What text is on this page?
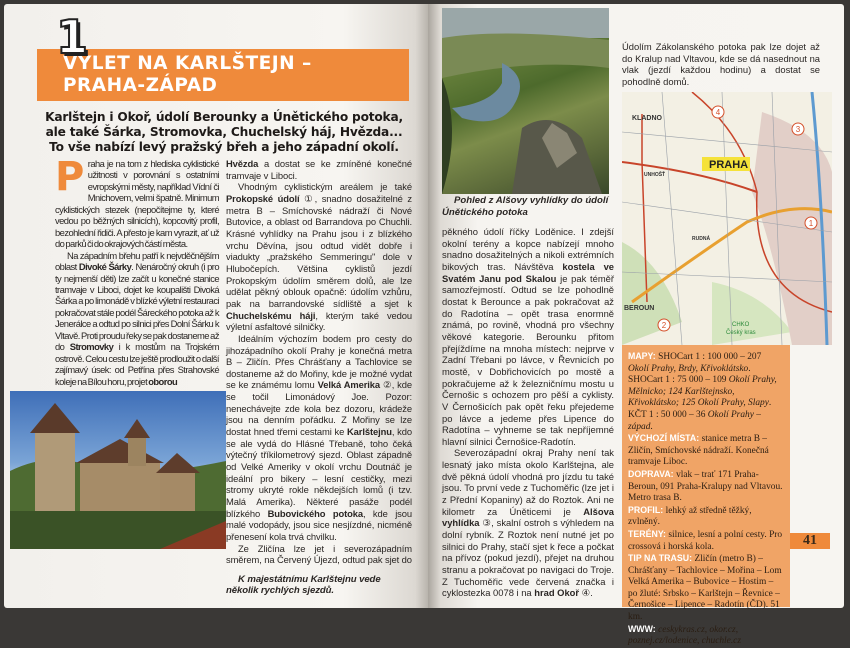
1
VÝLET NA KARLŠTEJN –
PRAHA-ZÁPAD
Karlštejn i Okoř, údolí Berounky a Únětického potoka, ale také Šárka, Stromovka, Chuchelský háj, Hvězda... To vše nabízí levý pražský břeh a jeho západní okolí.

Praha je na tom z hlediska cyklistické užitnosti v porovnání s ostatními evropskými městy, například Vídní či Mnichovem, velmi špatně. Minimum cyklistických stezek (nepočítejme ty, které vedou po běžných silnicích), kopcovitý profil, bezohlední řidiči. A přesto je kam vyrazit, ať už do parků či do okrajových částí města.

Na západním břehu patří k nejvděčnějším oblast Divoké Šárky. Nenáročný okruh (i pro ty nejmenší děti) lze začít u konečné stanice tramvaje v Liboci, dojet ke koupališti Divoká Šárka a po limonádě v blízké výletní restauraci pokračovat stále podél Šáreckého potoka až k Jenerálce a odtud po silnici přes Dolní Šárku k Vltavě. Proti proudu řeky se pak dostaneme až do Stromovky i k mostům na Trojském ostrově. Celou cestu lze ještě prodloužit o další zajímavý úsek: od Petřína přes Strahovské koleje na Bílou horu, projet oborou

Hvězda a dostat se ke zmíněné konečné tramvaje v Liboci.

Vhodným cyklistickým areálem je také Prokopské údolí ①, snadno dosažitelné z metra B – Smíchovské nádraží či Nové Butovice, a oblast od Barrandova po Chuchli. Krásné vyhlídky na Prahu jsou i z blízkého vrchu Děvína, jsou odtud vidět dobře i viadukty „pražského Semmeringu" dole v Hlubočepích. Většina cyklistů jezdí Prokopským údolím směrem dolů, ale lze udělat pěkný oblouk opačně: údolím vzhůru, pak na barrandovské sídliště a sjet k Chuchelskému háji, kterým také vedou výletní asfaltové silničky.

Ideálním výchozím bodem pro cesty do jihozápadního okolí Prahy je konečná metra B – Zličín. Přes Chrášťany a Tachlovice se dostaneme až do Mořiny, kde je možné vydat se ke známému lomu Velká Amerika ②, kde se točil Limonádový Joe. Pozor: nenechávejte zde kola bez dozoru, krádeže jsou na denním pořádku. Z Mořiny se lze dostat hned třemi cestami ke Karlštejnu, kdo se ale vydá do Hlásné Třebaně, toho čeká výtečný tříkilometrový sjezd. Oblast západně od Velké Ameriky v okolí vrchu Doutnáč je ideální pro bikery – lesní cestičky, mezi stromy ukryté rokle někdejších lomů (i tzv. Malá Amerika). Některé pasáže podél blízkého Bubovického potoka, kde jsou malé vodopády, jsou sice nesjízdné, nicméně přenesení kola trvá chvilku.

Ze Zličína lze jet i severozápadním směrem, na Červený Újezd, odtud pak sjet do

K majestátnímu Karlštejnu vede několik rychlých sjezdů.

Pohled z Alšovy vyhlídky do údolí Únětického potoka

pěkného údolí říčky Loděnice. I zdejší okolní terény a kopce nabízejí mnoho snadno dosažitelných a nikoli extrémních bikových tras. Návštěva kostela ve Svatém Janu pod Skalou je pak téměř samozřejmostí. Odtud se lze pohodlně dostat k Berounce a pak pokračovat až do Radotína – opět trasa enormně známá, po rovině, vhodná pro všechny věkové kategorie. Berounku přitom přejíždíme na mnoha místech: nejprve v Zadní Třebani po lávce, v Řevnicích po mostě, v Dobřichovicích po mostě a pokračujeme až k železničnímu mostu u Černošic s ochozem pro pěší a cyklisty. V Černošicích pak opět řeku přejedeme po lávce a jedeme přes Lipence do Radotína – vyhneme se tak nepříjemné hlavní silnici Černošice-Radotín.

Severozápadní okraj Prahy není tak lesnatý jako místa okolo Karlštejna, ale dvě pěkná údolí vhodná pro jízdu tu také jsou. To první vede z Tuchoměřic (lze jet i z Přední Kopaniny) až do Roztok. Ani ne kilometr za Úněticemi je Alšova vyhlídka ③, skalní ostroh s výhledem na dolní rybník. Z Roztok není nutné jet po silnici do Prahy, stačí sjet k řece a počkat na přívoz (pokud jezdí), přejet na druhou stranu a pokračovat po navigaci do Troje. Z Tuchoměřic vede červená značka i cyklostezka 0078 i na hrad Okoř ④.

Údolím Zákolanského potoka pak lze dojet až do Kralup nad Vltavou, kde se dá nasednout na vlak (jezdí každou hodinu) a dostat se pohodlně domů.

PRAHA
KLADNO
BEROUN
UNHOŠŤ
RUDNÁ
CHKO
Český kras
1
2
3
4
MAPY: SHOCart 1 : 100 000 – 207 Okolí Prahy, Brdy, Křivoklátsko. SHOCart 1 : 75 000 – 109 Okolí Prahy, Mělnicko; 124 Karlštejnsko, Křivoklátsko; 125 Okolí Prahy, Slapy. KČT 1 : 50 000 – 36 Okolí Prahy – západ.
VÝCHOZÍ MÍSTA: stanice metra B – Zličín, Smíchovské nádraží. Konečná tramvaje Liboc.
DOPRAVA: vlak – trať 171 Praha-Beroun, 091 Praha-Kralupy nad Vltavou. Metro trasa B.
PROFIL: lehký až středně těžký, zvlněný.
TERÉNY: silnice, lesní a polní cesty. Pro crossová i horská kola.
TIP NA TRASU: Zličín (metro B) – Chrášťany – Tachlovice – Mořina – Lom Velká Amerika – Bubovice – Hostim – po žluté: Srbsko – Karlštejn – Řevnice – Černošice – Lipence – Radotín (ČD). 51 km.
WWW: ceskykras.cz, okor.cz, poznej.cz/lodenice, chuchle.cz
41
